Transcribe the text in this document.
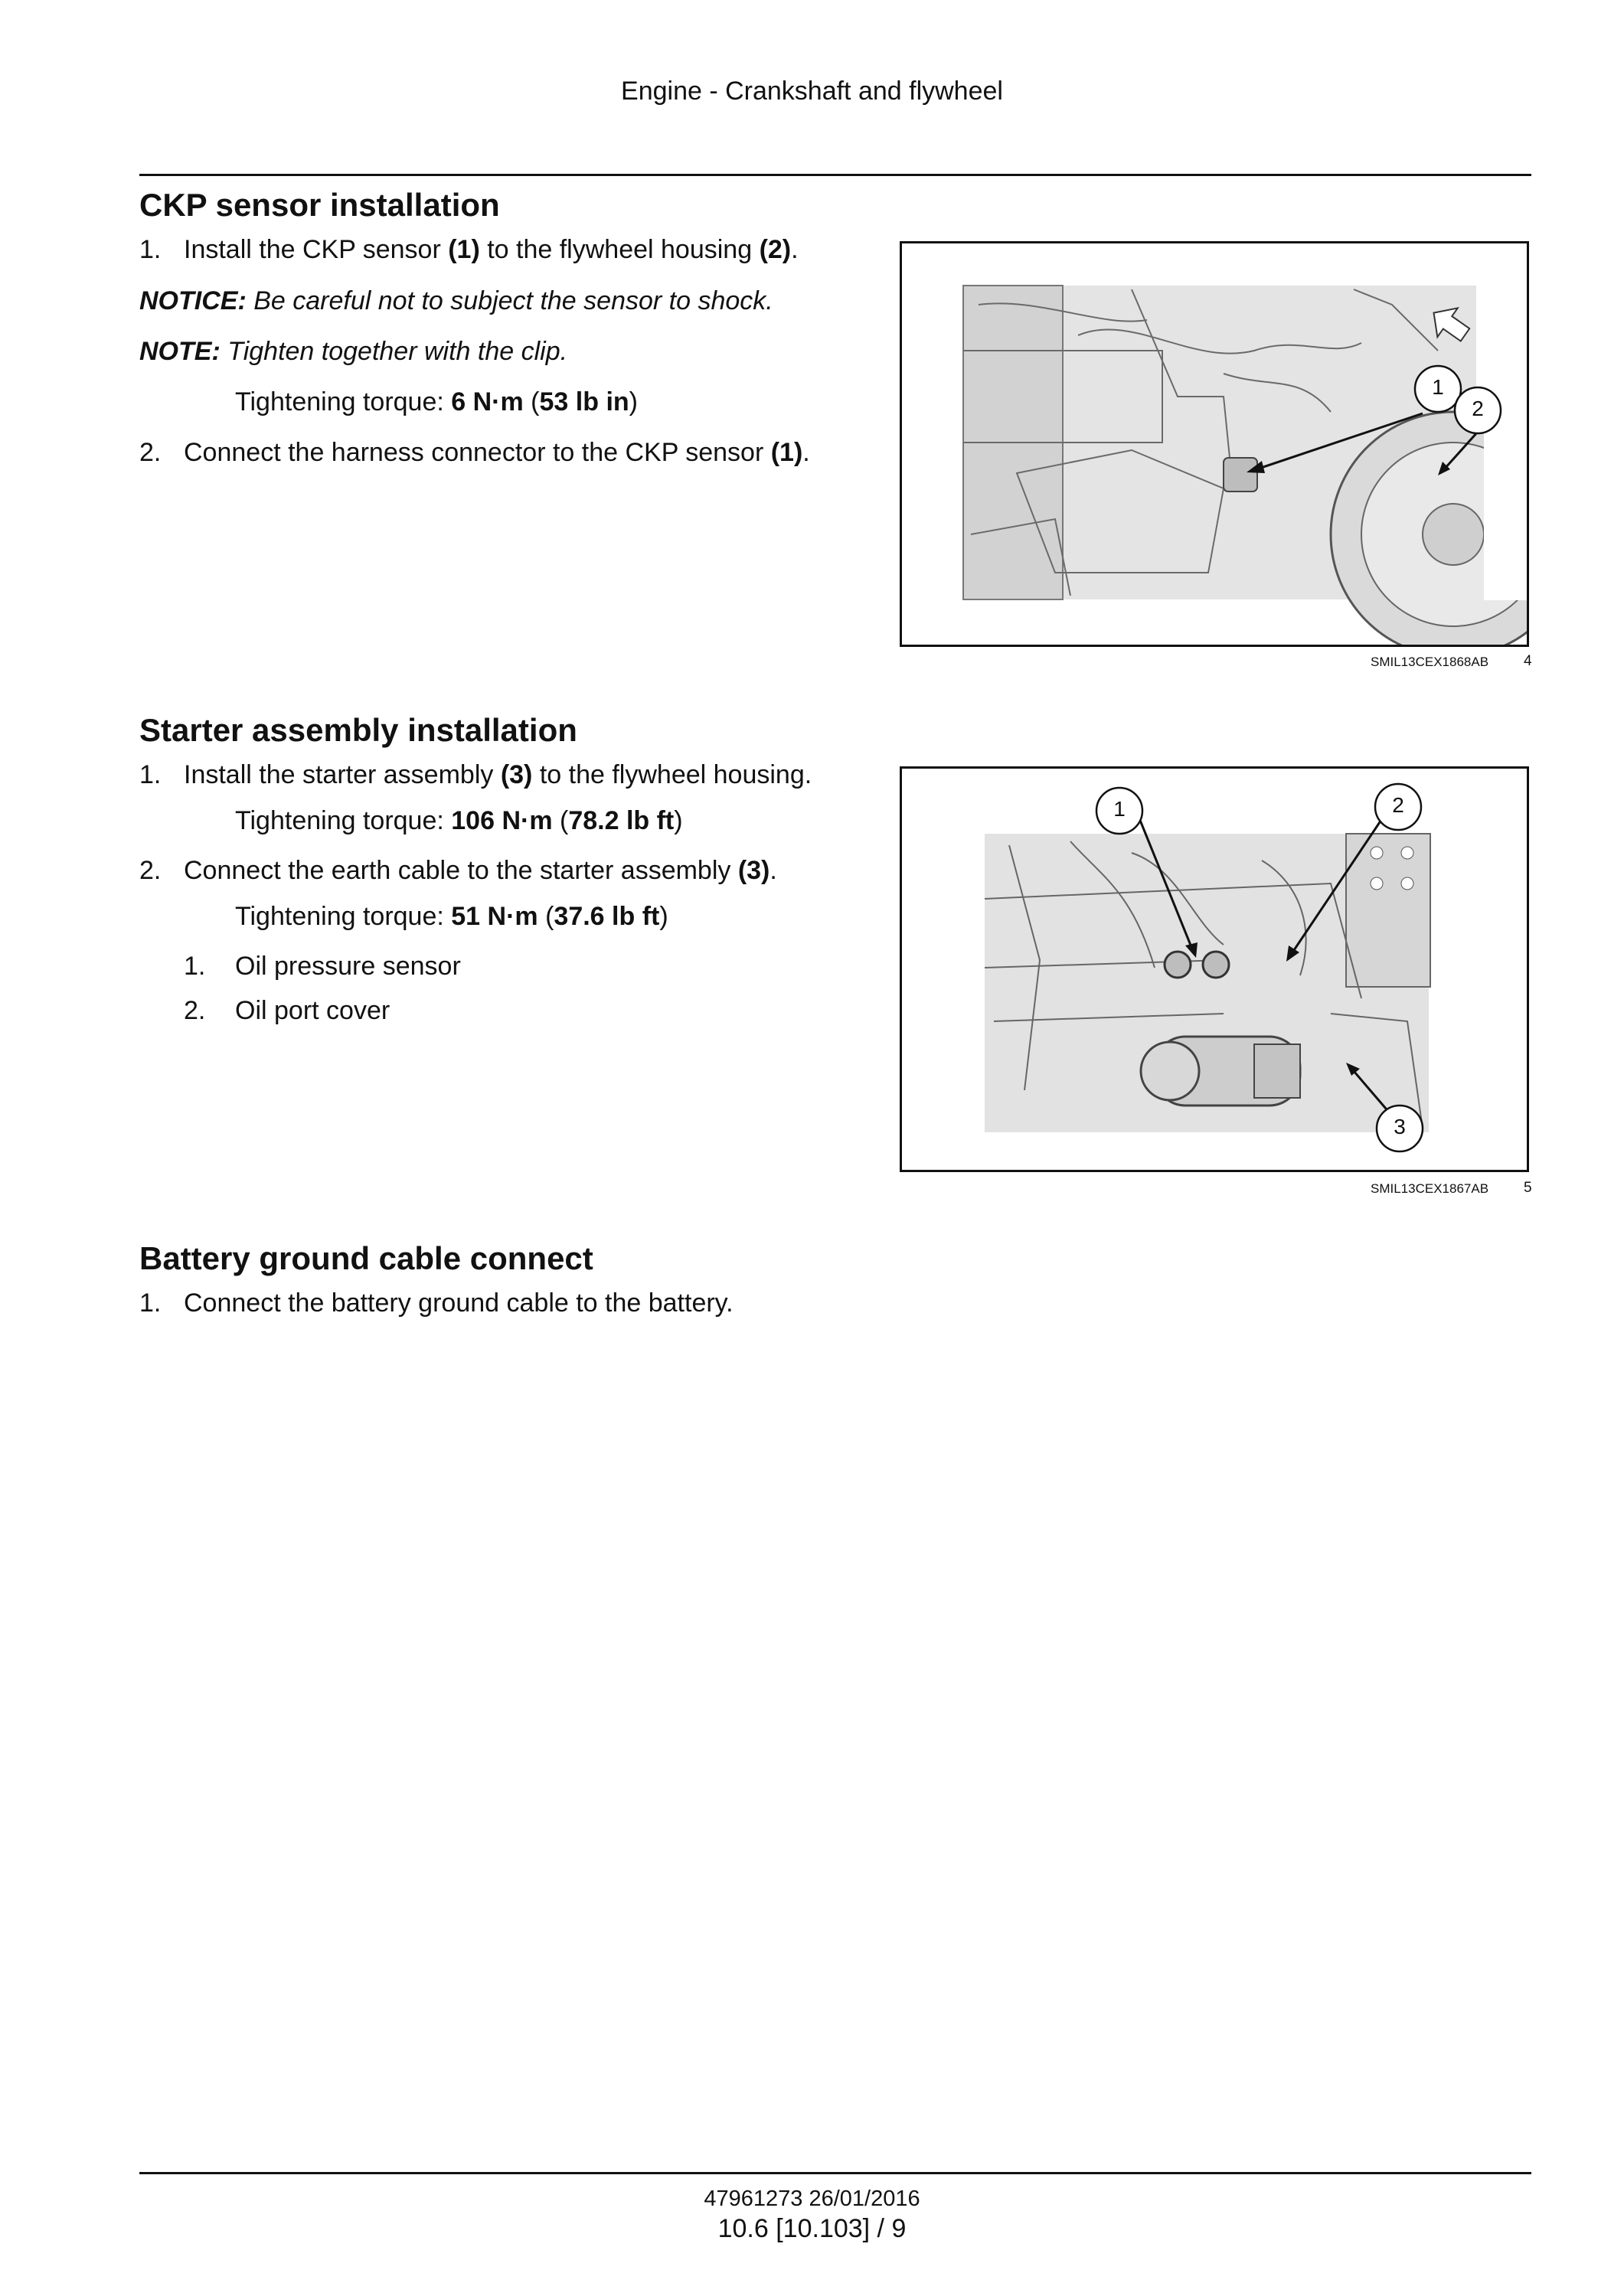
Engine - Crankshaft and flywheel
CKP sensor installation
1. Install the CKP sensor (1) to the flywheel housing (2).
NOTICE: Be careful not to subject the sensor to shock.
NOTE: Tighten together with the clip.
Tightening torque: 6 N·m (53 lb in)
2. Connect the harness connector to the CKP sensor (1).
1
2
SMIL13CEX1868AB 4
Starter assembly installation
1. Install the starter assembly (3) to the flywheel housing.
Tightening torque: 106 N·m (78.2 lb ft)
2. Connect the earth cable to the starter assembly (3).
Tightening torque: 51 N·m (37.6 lb ft)
1. Oil pressure sensor
2. Oil port cover
1	2
3
SMIL13CEX1867AB 5
Battery ground cable connect
1. Connect the battery ground cable to the battery.
47961273 26/01/2016
10.6 [10.103] / 9
